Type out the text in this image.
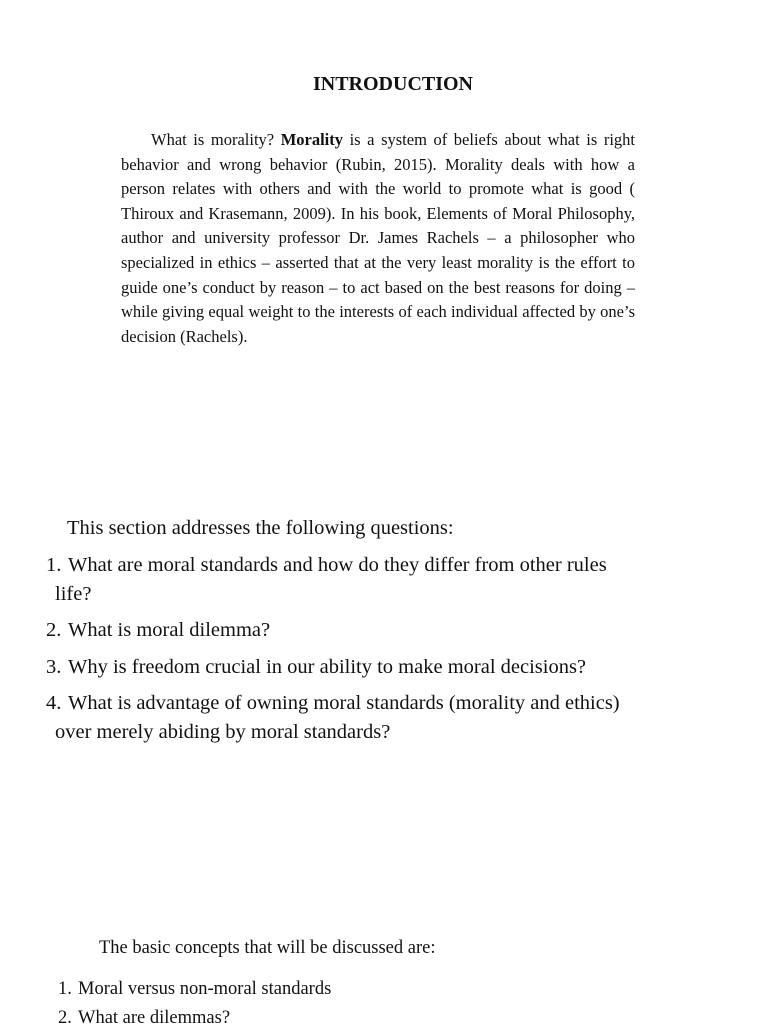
INTRODUCTION

What is morality? Morality is a system of beliefs about what is right behavior and wrong behavior (Rubin, 2015). Morality deals with how a person relates with others and with the world to promote what is good ( Thiroux and Krasemann, 2009). In his book, Elements of Moral Philosophy, author and university professor Dr. James Rachels – a philosopher who specialized in ethics – asserted that at the very least morality is the effort to guide one’s conduct by reason – to act based on the best reasons for doing – while giving equal weight to the interests of each individual affected by one’s decision (Rachels).

This section addresses the following questions:
1. What are moral standards and how do they differ from other rules
life?
2. What is moral dilemma?
3. Why is freedom crucial in our ability to make moral decisions?
4. What is advantage of owning moral standards (morality and ethics)
over merely abiding by moral standards?
The basic concepts that will be discussed are:
1. Moral versus non-moral standards
2. What are dilemmas?
